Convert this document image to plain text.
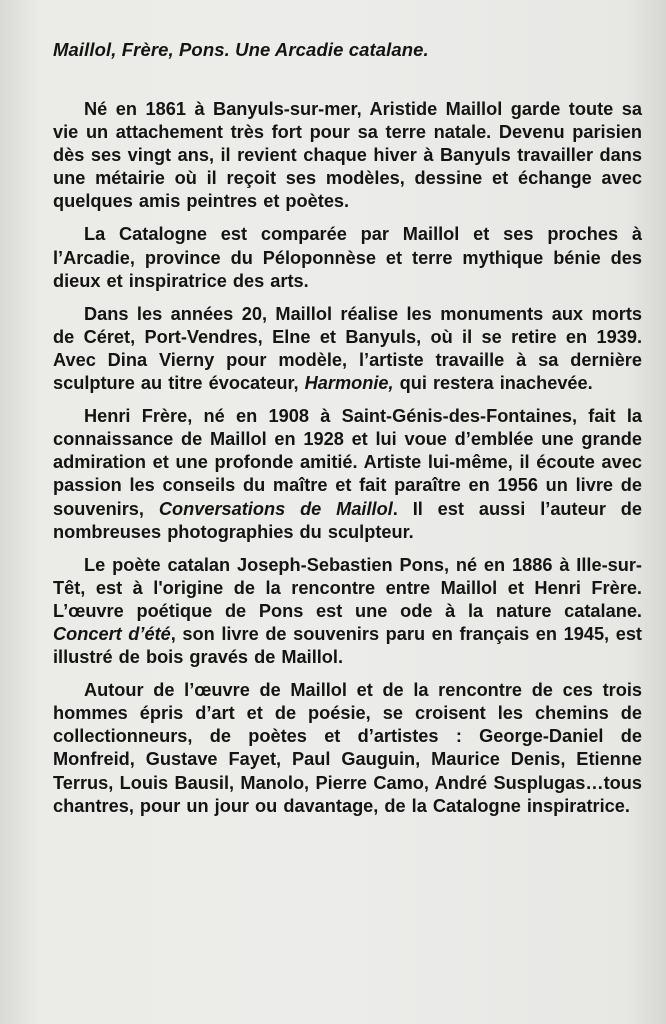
Maillol, Frère, Pons. Une Arcadie catalane.

Né en 1861 à Banyuls-sur-mer, Aristide Maillol garde toute sa vie un attachement très fort pour sa terre natale. Devenu parisien dès ses vingt ans, il revient chaque hiver à Banyuls travailler dans une métairie où il reçoit ses modèles, dessine et échange avec quelques amis peintres et poètes.

La Catalogne est comparée par Maillol et ses proches à l’Arcadie, province du Péloponnèse et terre mythique bénie des dieux et inspiratrice des arts.

Dans les années 20, Maillol réalise les monuments aux morts de Céret, Port-Vendres, Elne et Banyuls, où il se retire en 1939. Avec Dina Vierny pour modèle, l’artiste travaille à sa dernière sculpture au titre évocateur, Harmonie, qui restera inachevée.

Henri Frère, né en 1908 à Saint-Génis-des-Fontaines, fait la connaissance de Maillol en 1928 et lui voue d’emblée une grande admiration et une profonde amitié. Artiste lui-même, il écoute avec passion les conseils du maître et fait paraître en 1956 un livre de souvenirs, Conversations de Maillol. Il est aussi l’auteur de nombreuses photographies du sculpteur.

Le poète catalan Joseph-Sebastien Pons, né en 1886 à Ille-sur-Têt, est à l'origine de la rencontre entre Maillol et Henri Frère. L’œuvre poétique de Pons est une ode à la nature catalane. Concert d’été, son livre de souvenirs paru en français en 1945, est illustré de bois gravés de Maillol.

Autour de l’œuvre de Maillol et de la rencontre de ces trois hommes épris d’art et de poésie, se croisent les chemins de collectionneurs, de poètes et d’artistes : George-Daniel de Monfreid, Gustave Fayet, Paul Gauguin, Maurice Denis, Etienne Terrus, Louis Bausil, Manolo, Pierre Camo, André Susplugas…tous chantres, pour un jour ou davantage, de la Catalogne inspiratrice.
